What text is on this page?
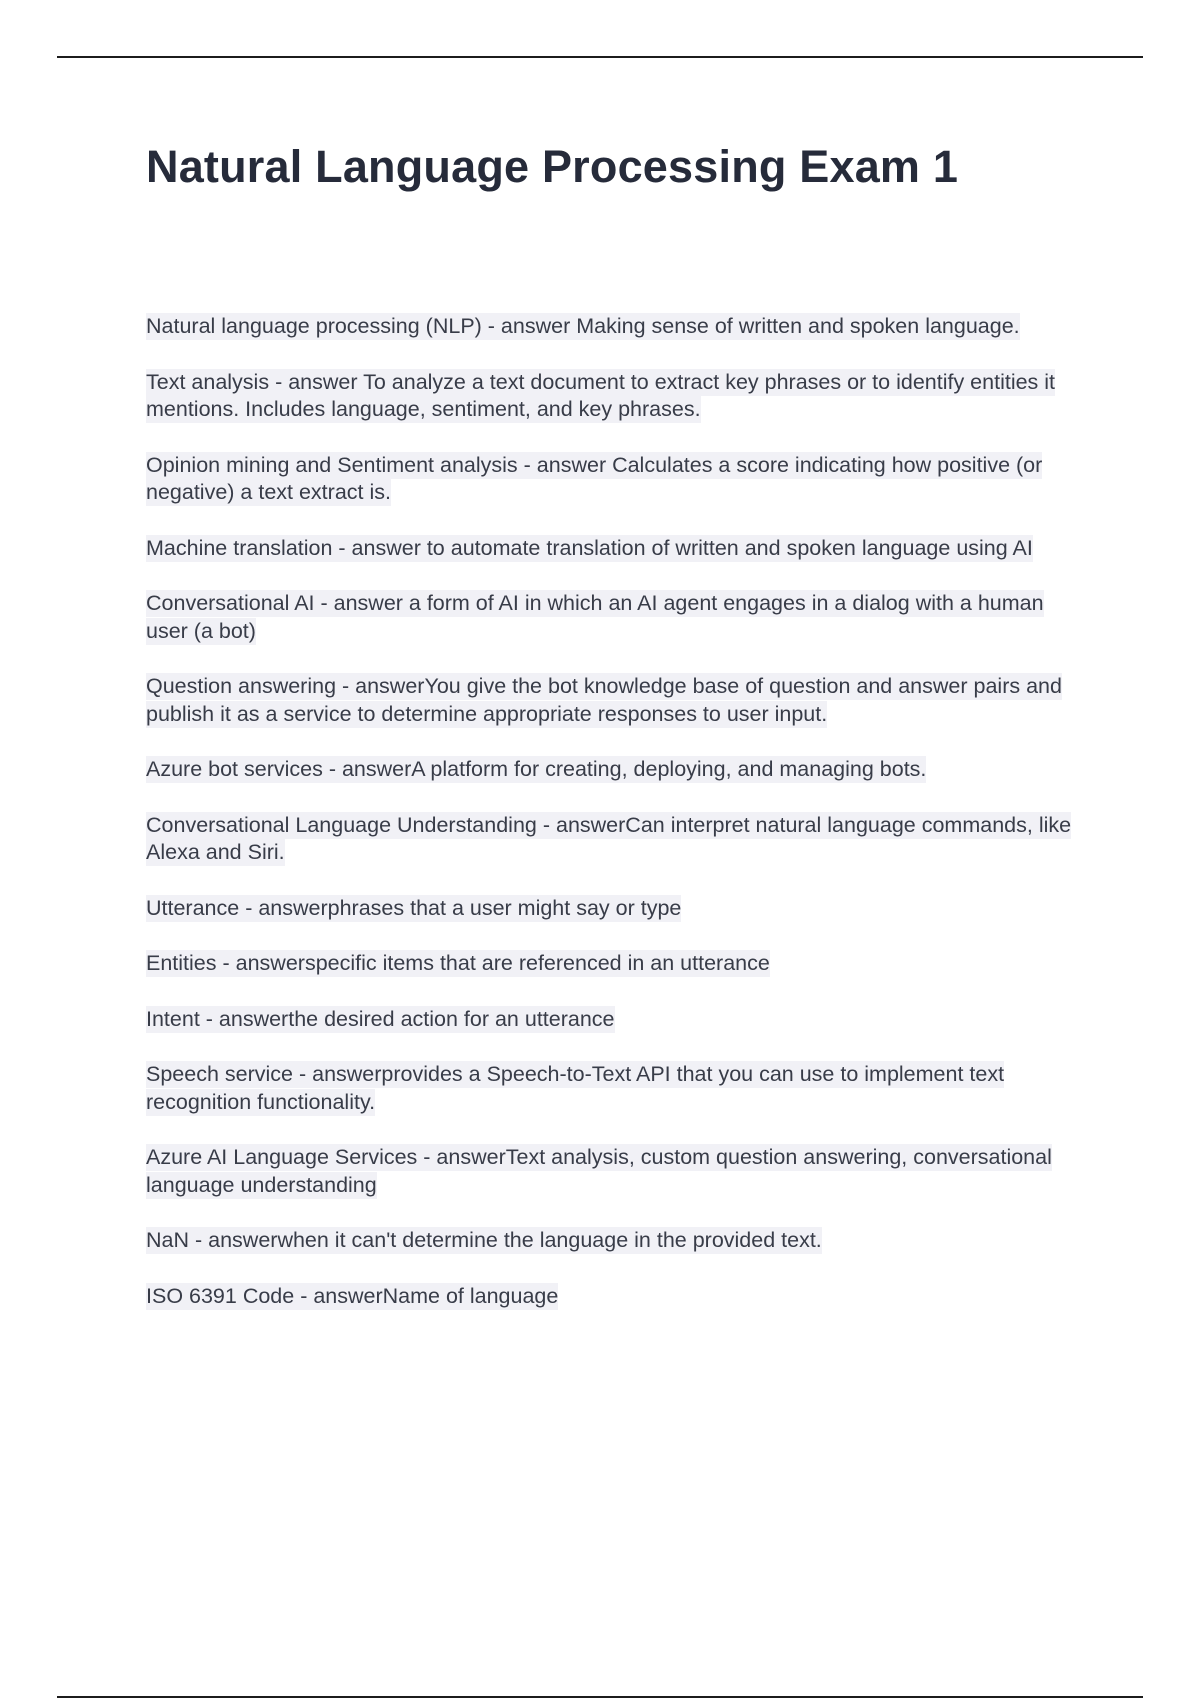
Natural Language Processing Exam 1
Natural language processing (NLP) - answer Making sense of written and spoken language.
Text analysis - answer To analyze a text document to extract key phrases or to identify entities it mentions. Includes language, sentiment, and key phrases.
Opinion mining and Sentiment analysis - answer Calculates a score indicating how positive (or negative) a text extract is.
Machine translation - answer to automate translation of written and spoken language using AI
Conversational AI - answer a form of AI in which an AI agent engages in a dialog with a human user (a bot)
Question answering - answerYou give the bot knowledge base of question and answer pairs and publish it as a service to determine appropriate responses to user input.
Azure bot services - answerA platform for creating, deploying, and managing bots.
Conversational Language Understanding - answerCan interpret natural language commands, like Alexa and Siri.
Utterance - answerphrases that a user might say or type
Entities - answerspecific items that are referenced in an utterance
Intent - answerthe desired action for an utterance
Speech service - answerprovides a Speech-to-Text API that you can use to implement text recognition functionality.
Azure AI Language Services - answerText analysis, custom question answering, conversational language understanding
NaN - answerwhen it can't determine the language in the provided text.
ISO 6391 Code - answerName of language
